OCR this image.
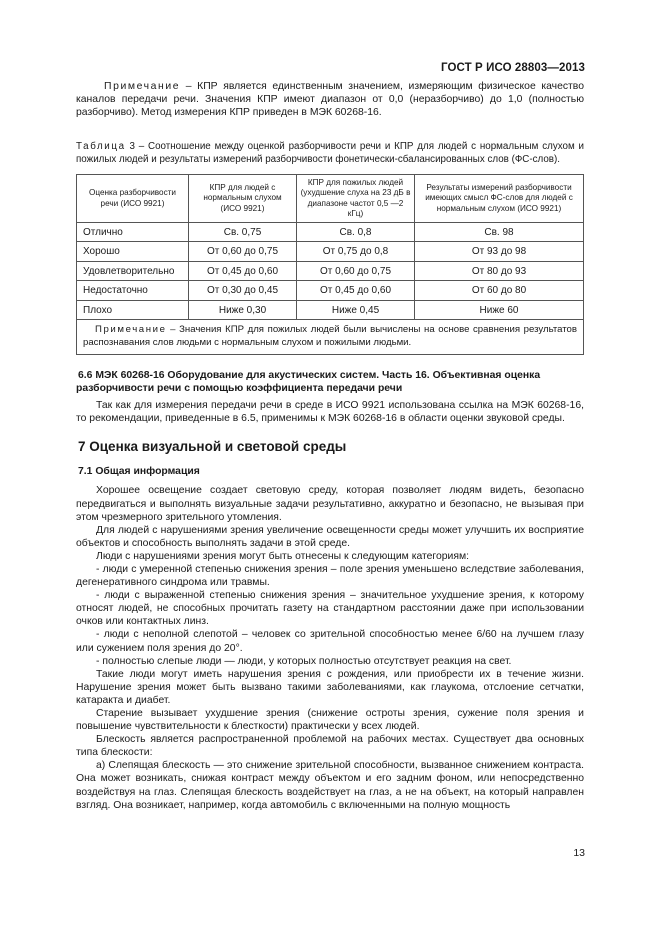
ГОСТ Р ИСО 28803—2013

Примечание – КПР является единственным значением, измеряющим физическое качество каналов передачи речи. Значения КПР имеют диапазон от 0,0 (неразборчиво) до 1,0 (полностью разборчиво). Метод измерения КПР приведен в МЭК 60268-16.

Таблица 3 – Соотношение между оценкой разборчивости речи и КПР для людей с нормальным слухом и пожилых людей и результаты измерений разборчивости фонетически-сбалансированных слов (ФС-слов).

Оценка разборчивости речи (ИСО 9921)	КПР для людей с нормальным слухом (ИСО 9921)	КПР для пожилых людей (ухудшение слуха на 23 дБ в диапазоне частот 0,5 —2 кГц)	Результаты измерений разборчивости имеющих смысл ФС-слов для людей с нормальным слухом (ИСО 9921)
Отлично	Св. 0,75	Св. 0,8	Св. 98
Хорошо	От 0,60 до 0,75	От 0,75 до 0,8	От 93 до 98
Удовлетворительно	От 0,45 до 0,60	От 0,60 до 0,75	От 80 до 93
Недостаточно	От 0,30 до 0,45	От 0,45 до 0,60	От 60 до 80
Плохо	Ниже 0,30	Ниже 0,45	Ниже 60
Примечание – Значения КПР для пожилых людей были вычислены на основе сравнения результатов распознавания слов людьми с нормальным слухом и пожилыми людьми.			
6.6 МЭК 60268-16 Оборудование для акустических систем. Часть 16. Объективная оценка разборчивости речи с помощью коэффициента передачи речи

Так как для измерения передачи речи в среде в ИСО 9921 использована ссылка на МЭК 60268-16, то рекомендации, приведенные в 6.5, применимы к МЭК 60268-16 в области оценки звуковой среды.

7 Оценка визуальной и световой среды
7.1 Общая информация

Хорошее освещение создает световую среду, которая позволяет людям видеть, безопасно передвигаться и выполнять визуальные задачи результативно, аккуратно и безопасно, не вызывая при этом чрезмерного зрительного утомления.

Для людей с нарушениями зрения увеличение освещенности среды может улучшить их восприятие объектов и способность выполнять задачи в этой среде.

Люди с нарушениями зрения могут быть отнесены к следующим категориям:

- люди с умеренной степенью снижения зрения – поле зрения уменьшено вследствие заболевания, дегенеративного синдрома или травмы.

- люди с выраженной степенью снижения зрения – значительное ухудшение зрения, к которому относят людей, не способных прочитать газету на стандартном расстоянии даже при использовании очков или контактных линз.

- люди с неполной слепотой – человек со зрительной способностью менее 6/60 на лучшем глазу или сужением поля зрения до 20°.

- полностью слепые люди — люди, у которых полностью отсутствует реакция на свет.

Такие люди могут иметь нарушения зрения с рождения, или приобрести их в течение жизни. Нарушение зрения может быть вызвано такими заболеваниями, как глаукома, отслоение сетчатки, катаракта и диабет.

Старение вызывает ухудшение зрения (снижение остроты зрения, сужение поля зрения и повышение чувствительности к блесткости) практически у всех людей.

Блескость является распространенной проблемой на рабочих местах. Существует два основных типа блескости:

а) Слепящая блескость — это снижение зрительной способности, вызванное снижением контраста. Она может возникать, снижая контраст между объектом и его задним фоном, или непосредственно воздействуя на глаз. Слепящая блескость воздействует на глаз, а не на объект, на который направлен взгляд. Она возникает, например, когда автомобиль с включенными на полную мощность

13
